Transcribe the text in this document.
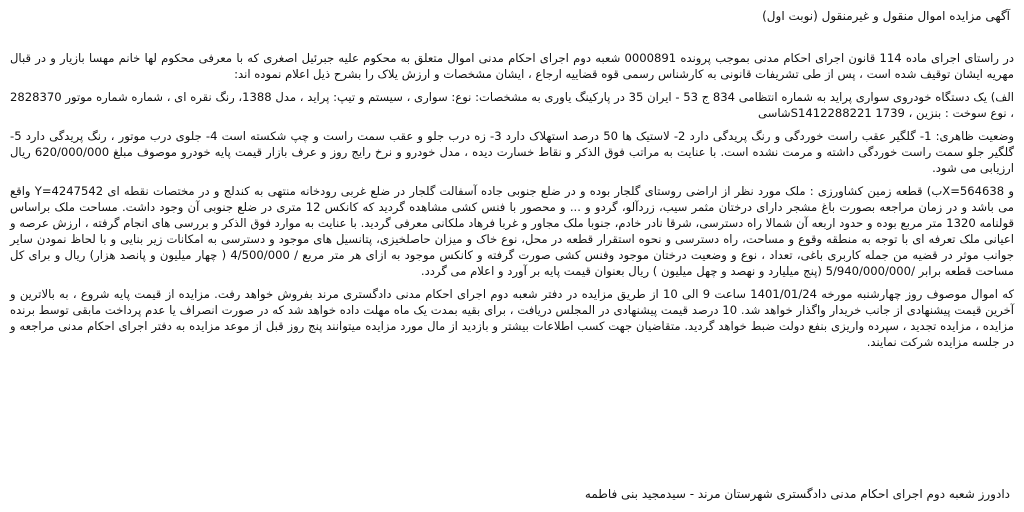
آگهی مزایده اموال منقول و غیرمنقول (نوبت اول)

در راستای اجرای ماده 114 قانون اجرای احکام مدنی بموجب پرونده 0000891 شعبه دوم اجرای احکام مدنی اموال متعلق به محکوم علیه جبرئیل اصغری که با معرفی محکوم لها خانم مهسا بازیار و در قبال مهریه ایشان توقیف شده است ، پس از طی تشریفات قانونی به کارشناس رسمی قوه قضاییه ارجاع ، ایشان مشخصات و ارزش یلاک را بشرح ذیل اعلام نموده اند:

الف) یک دستگاه خودروی سواری پراید به شماره انتظامی 834 ج 53 - ایران 35 در پارکینگ یاوری به مشخصات: نوع: سواری ، سیستم و تیپ: پراید ، مدل 1388، رنگ نقره ای ، شماره شماره موتور 2828370 ، نوع سوخت : بنزین ، 1739 S1412288221شاسی

وضعیت ظاهری: 1- گلگیر عقب راست خوردگی و رنگ پریدگی دارد 2- لاستیک ها 50 درصد استهلاک دارد 3- زه درب جلو و عقب سمت راست و چپ شکسته است 4- جلوی درب موتور ، رنگ پریدگی دارد 5- گلگیر جلو سمت راست خوردگی داشته و مرمت نشده است. با عنایت به مراتب فوق الذکر و نقاط خسارت دیده ، مدل خودرو و نرخ رایج روز و عرف بازار قیمت پایه خودرو موصوف مبلغ 620/000/000 ریال ارزیابی می شود.

و X=564638ب) قطعه زمین کشاورزی : ملک مورد نظر از اراضی روستای گلجار بوده و در ضلع جنوبی جاده آسفالت گلجار در ضلع غربی رودخانه منتهی به کندلج و در مختصات نقطه ای Y=4247542 واقع می باشد و در زمان مراجعه بصورت باغ مشجر دارای درختان مثمر سیب، زردآلو، گردو و ... و محصور با فنس کشی مشاهده گردید که کانکس 12 متری در ضلع جنوبی آن وجود داشت. مساحت ملک براساس قولنامه 1320 متر مربع بوده و حدود اربعه آن شمالا راه دسترسی، شرقا نادر خادم، جنوبا ملک مجاور و غربا فرهاد ملکانی معرفی گردید. با عنایت به موارد فوق الذکر و بررسی های انجام گرفته ، ارزش عرصه و اعیانی ملک تعرفه ای با توجه به منطقه وقوع و مساحت، راه دسترسی و نحوه استقرار قطعه در محل، نوع خاک و میزان حاصلخیزی، پتانسیل های موجود و دسترسی به امکانات زیر بنایی و با لحاظ نمودن سایر جوانب موثر در قضیه من جمله کاربری باغی، تعداد ، نوع و وضعیت درختان موجود وفنس کشی صورت گرفته و کانکس موجود به ازای هر متر مربع / 4/500/000 ( چهار میلیون و پانصد هزار) ریال و برای کل مساحت قطعه برابر /5/940/000/000 (پنج میلیارد و نهصد و چهل میلیون ) ریال بعنوان قیمت پایه بر آورد و اعلام می گردد.

که اموال موصوف روز چهارشنبه مورخه 1401/01/24 ساعت 9 الی 10 از طریق مزایده در دفتر شعبه دوم اجرای احکام مدنی دادگستری مرند بفروش خواهد رفت. مزایده از قیمت پایه شروع ، به بالاترین و آخرین قیمت پیشنهادی از جانب خریدار واگذار خواهد شد. 10 درصد قیمت پیشنهادی در المجلس دریافت ، برای بقیه بمدت یک ماه مهلت داده خواهد شد که در صورت انصراف یا عدم پرداخت مابقی توسط برنده مزایده ، مزایده تجدید ، سپرده واریزی بنفع دولت ضبط خواهد گردید. متقاضیان جهت کسب اطلاعات بیشتر و بازدید از مال مورد مزایده میتوانند پنج روز قبل از موعد مزایده به دفتر اجرای احکام مدنی مراجعه و در جلسه مزایده شرکت نمایند.

دادورز شعبه دوم اجرای احکام مدنی دادگستری شهرستان مرند - سیدمجید بنی فاطمه
